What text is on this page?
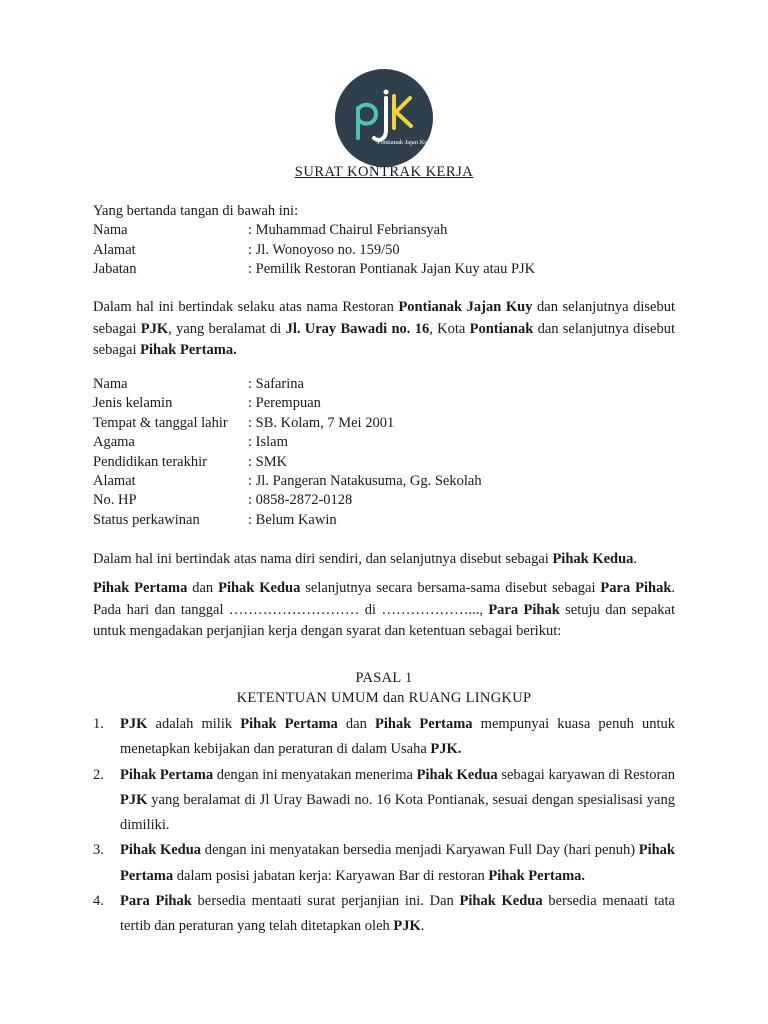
Pontianak Jajan Kuy
SURAT KONTRAK KERJA
Yang bertanda tangan di bawah ini:
Nama	: Muhammad Chairul Febriansyah
Alamat	: Jl. Wonoyoso no. 159/50
Jabatan	: Pemilik Restoran Pontianak Jajan Kuy atau PJK
Dalam hal ini bertindak selaku atas nama Restoran Pontianak Jajan Kuy dan selanjutnya disebut sebagai PJK, yang beralamat di Jl. Uray Bawadi no. 16, Kota Pontianak dan selanjutnya disebut sebagai Pihak Pertama.
Nama	: Safarina
Jenis kelamin	: Perempuan
Tempat & tanggal lahir	: SB. Kolam, 7 Mei 2001
Agama	: Islam
Pendidikan terakhir	: SMK
Alamat	: Jl. Pangeran Natakusuma, Gg. Sekolah
No. HP	: 0858-2872-0128
Status perkawinan	: Belum Kawin
Dalam hal ini bertindak atas nama diri sendiri, dan selanjutnya disebut sebagai Pihak Kedua.
Pihak Pertama dan Pihak Kedua selanjutnya secara bersama-sama disebut sebagai Para Pihak. Pada hari dan tanggal ……………………… di ………………..., Para Pihak setuju dan sepakat untuk mengadakan perjanjian kerja dengan syarat dan ketentuan sebagai berikut:
PASAL 1
KETENTUAN UMUM dan RUANG LINGKUP
1.	PJK adalah milik Pihak Pertama dan Pihak Pertama mempunyai kuasa penuh untuk menetapkan kebijakan dan peraturan di dalam Usaha PJK.
2.	Pihak Pertama dengan ini menyatakan menerima Pihak Kedua sebagai karyawan di Restoran PJK yang beralamat di Jl Uray Bawadi no. 16 Kota Pontianak, sesuai dengan spesialisasi yang dimiliki.
3.	Pihak Kedua dengan ini menyatakan bersedia menjadi Karyawan Full Day (hari penuh) Pihak Pertama dalam posisi jabatan kerja: Karyawan Bar di restoran Pihak Pertama.
4.	Para Pihak bersedia mentaati surat perjanjian ini. Dan Pihak Kedua bersedia menaati tata tertib dan peraturan yang telah ditetapkan oleh PJK.
